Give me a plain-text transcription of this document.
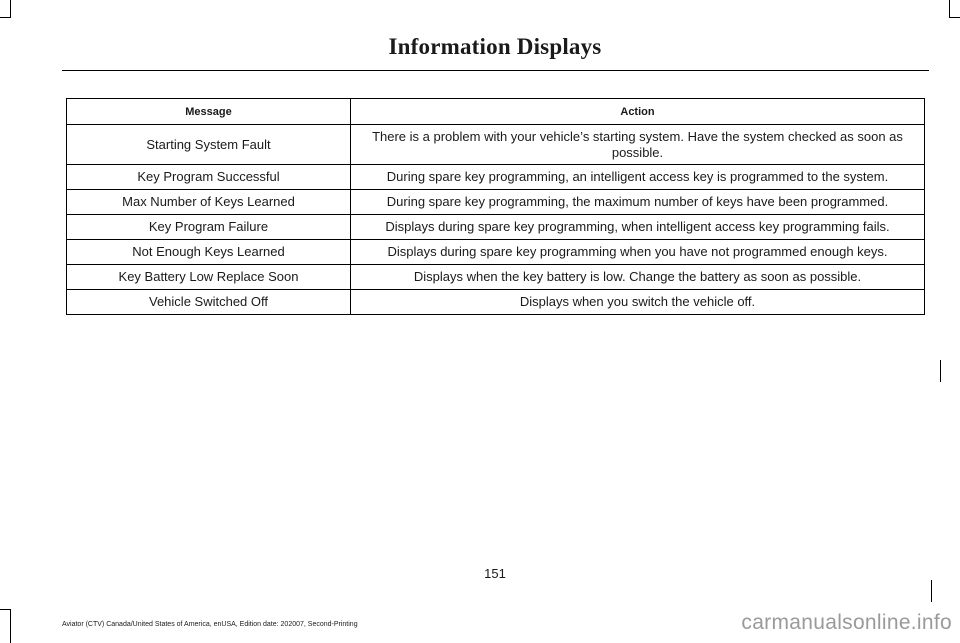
Information Displays
Message	Action
Starting System Fault	There is a problem with your vehicle’s starting system. Have the system checked as soon as possible.
Key Program Successful	During spare key programming, an intelligent access key is programmed to the system.
Max Number of Keys Learned	During spare key programming, the maximum number of keys have been programmed.
Key Program Failure	Displays during spare key programming, when intelligent access key programming fails.
Not Enough Keys Learned	Displays during spare key programming when you have not programmed enough keys.
Key Battery Low Replace Soon	Displays when the key battery is low. Change the battery as soon as possible.
Vehicle Switched Off	Displays when you switch the vehicle off.
151
Aviator (CTV) Canada/United States of America, enUSA, Edition date: 202007, Second-Printing	carmanualsonline.info
